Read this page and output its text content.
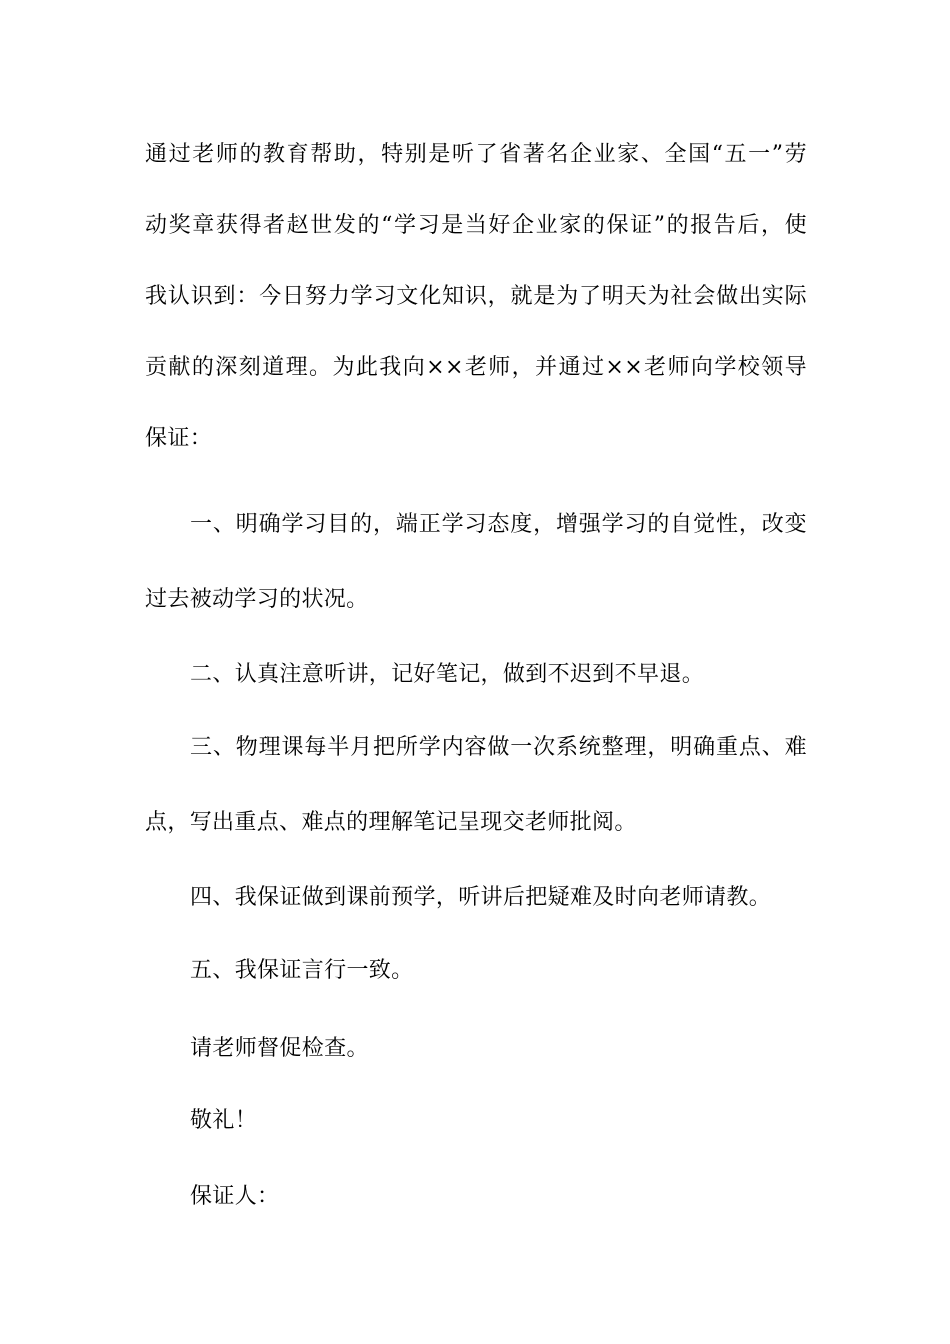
通过老师的教育帮助，特别是听了省著名企业家、全国“五一”劳
动奖章获得者赵世发的“学习是当好企业家的保证”的报告后，使
我认识到：今日努力学习文化知识，就是为了明天为社会做出实际
贡献的深刻道理。为此我向××老师，并通过××老师向学校领导
保证：
一、明确学习目的，端正学习态度，增强学习的自觉性，改变
过去被动学习的状况。
二、认真注意听讲，记好笔记，做到不迟到不早退。
三、物理课每半月把所学内容做一次系统整理，明确重点、难
点，写出重点、难点的理解笔记呈现交老师批阅。
四、我保证做到课前预学，听讲后把疑难及时向老师请教。
五、我保证言行一致。
请老师督促检查。
敬礼！
保证人：
